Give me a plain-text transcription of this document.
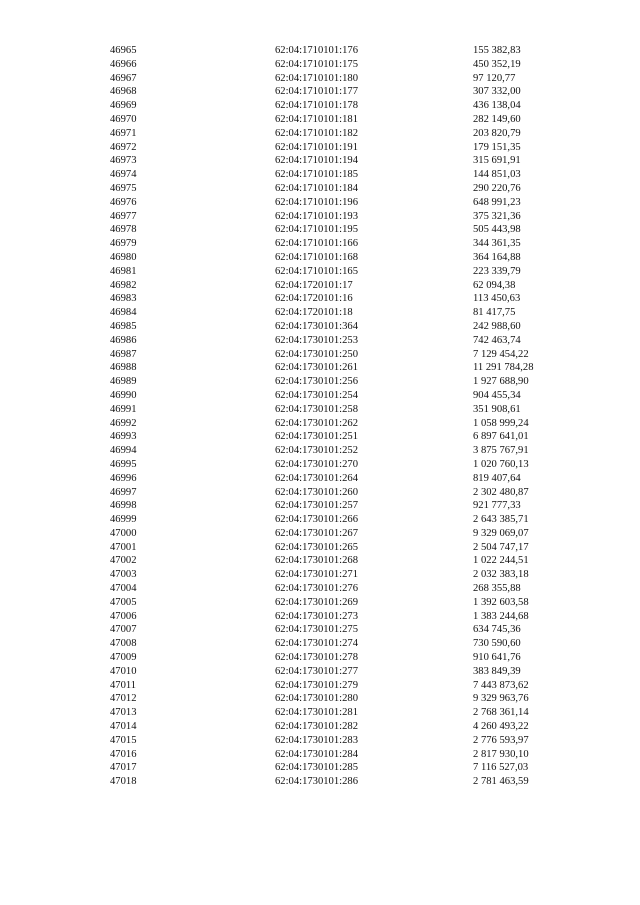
46965	62:04:1710101:176	155 382,83
46966	62:04:1710101:175	450 352,19
46967	62:04:1710101:180	97 120,77
46968	62:04:1710101:177	307 332,00
46969	62:04:1710101:178	436 138,04
46970	62:04:1710101:181	282 149,60
46971	62:04:1710101:182	203 820,79
46972	62:04:1710101:191	179 151,35
46973	62:04:1710101:194	315 691,91
46974	62:04:1710101:185	144 851,03
46975	62:04:1710101:184	290 220,76
46976	62:04:1710101:196	648 991,23
46977	62:04:1710101:193	375 321,36
46978	62:04:1710101:195	505 443,98
46979	62:04:1710101:166	344 361,35
46980	62:04:1710101:168	364 164,88
46981	62:04:1710101:165	223 339,79
46982	62:04:1720101:17	62 094,38
46983	62:04:1720101:16	113 450,63
46984	62:04:1720101:18	81 417,75
46985	62:04:1730101:364	242 988,60
46986	62:04:1730101:253	742 463,74
46987	62:04:1730101:250	7 129 454,22
46988	62:04:1730101:261	11 291 784,28
46989	62:04:1730101:256	1 927 688,90
46990	62:04:1730101:254	904 455,34
46991	62:04:1730101:258	351 908,61
46992	62:04:1730101:262	1 058 999,24
46993	62:04:1730101:251	6 897 641,01
46994	62:04:1730101:252	3 875 767,91
46995	62:04:1730101:270	1 020 760,13
46996	62:04:1730101:264	819 407,64
46997	62:04:1730101:260	2 302 480,87
46998	62:04:1730101:257	921 777,33
46999	62:04:1730101:266	2 643 385,71
47000	62:04:1730101:267	9 329 069,07
47001	62:04:1730101:265	2 504 747,17
47002	62:04:1730101:268	1 022 244,51
47003	62:04:1730101:271	2 032 383,18
47004	62:04:1730101:276	268 355,88
47005	62:04:1730101:269	1 392 603,58
47006	62:04:1730101:273	1 383 244,68
47007	62:04:1730101:275	634 745,36
47008	62:04:1730101:274	730 590,60
47009	62:04:1730101:278	910 641,76
47010	62:04:1730101:277	383 849,39
47011	62:04:1730101:279	7 443 873,62
47012	62:04:1730101:280	9 329 963,76
47013	62:04:1730101:281	2 768 361,14
47014	62:04:1730101:282	4 260 493,22
47015	62:04:1730101:283	2 776 593,97
47016	62:04:1730101:284	2 817 930,10
47017	62:04:1730101:285	7 116 527,03
47018	62:04:1730101:286	2 781 463,59
